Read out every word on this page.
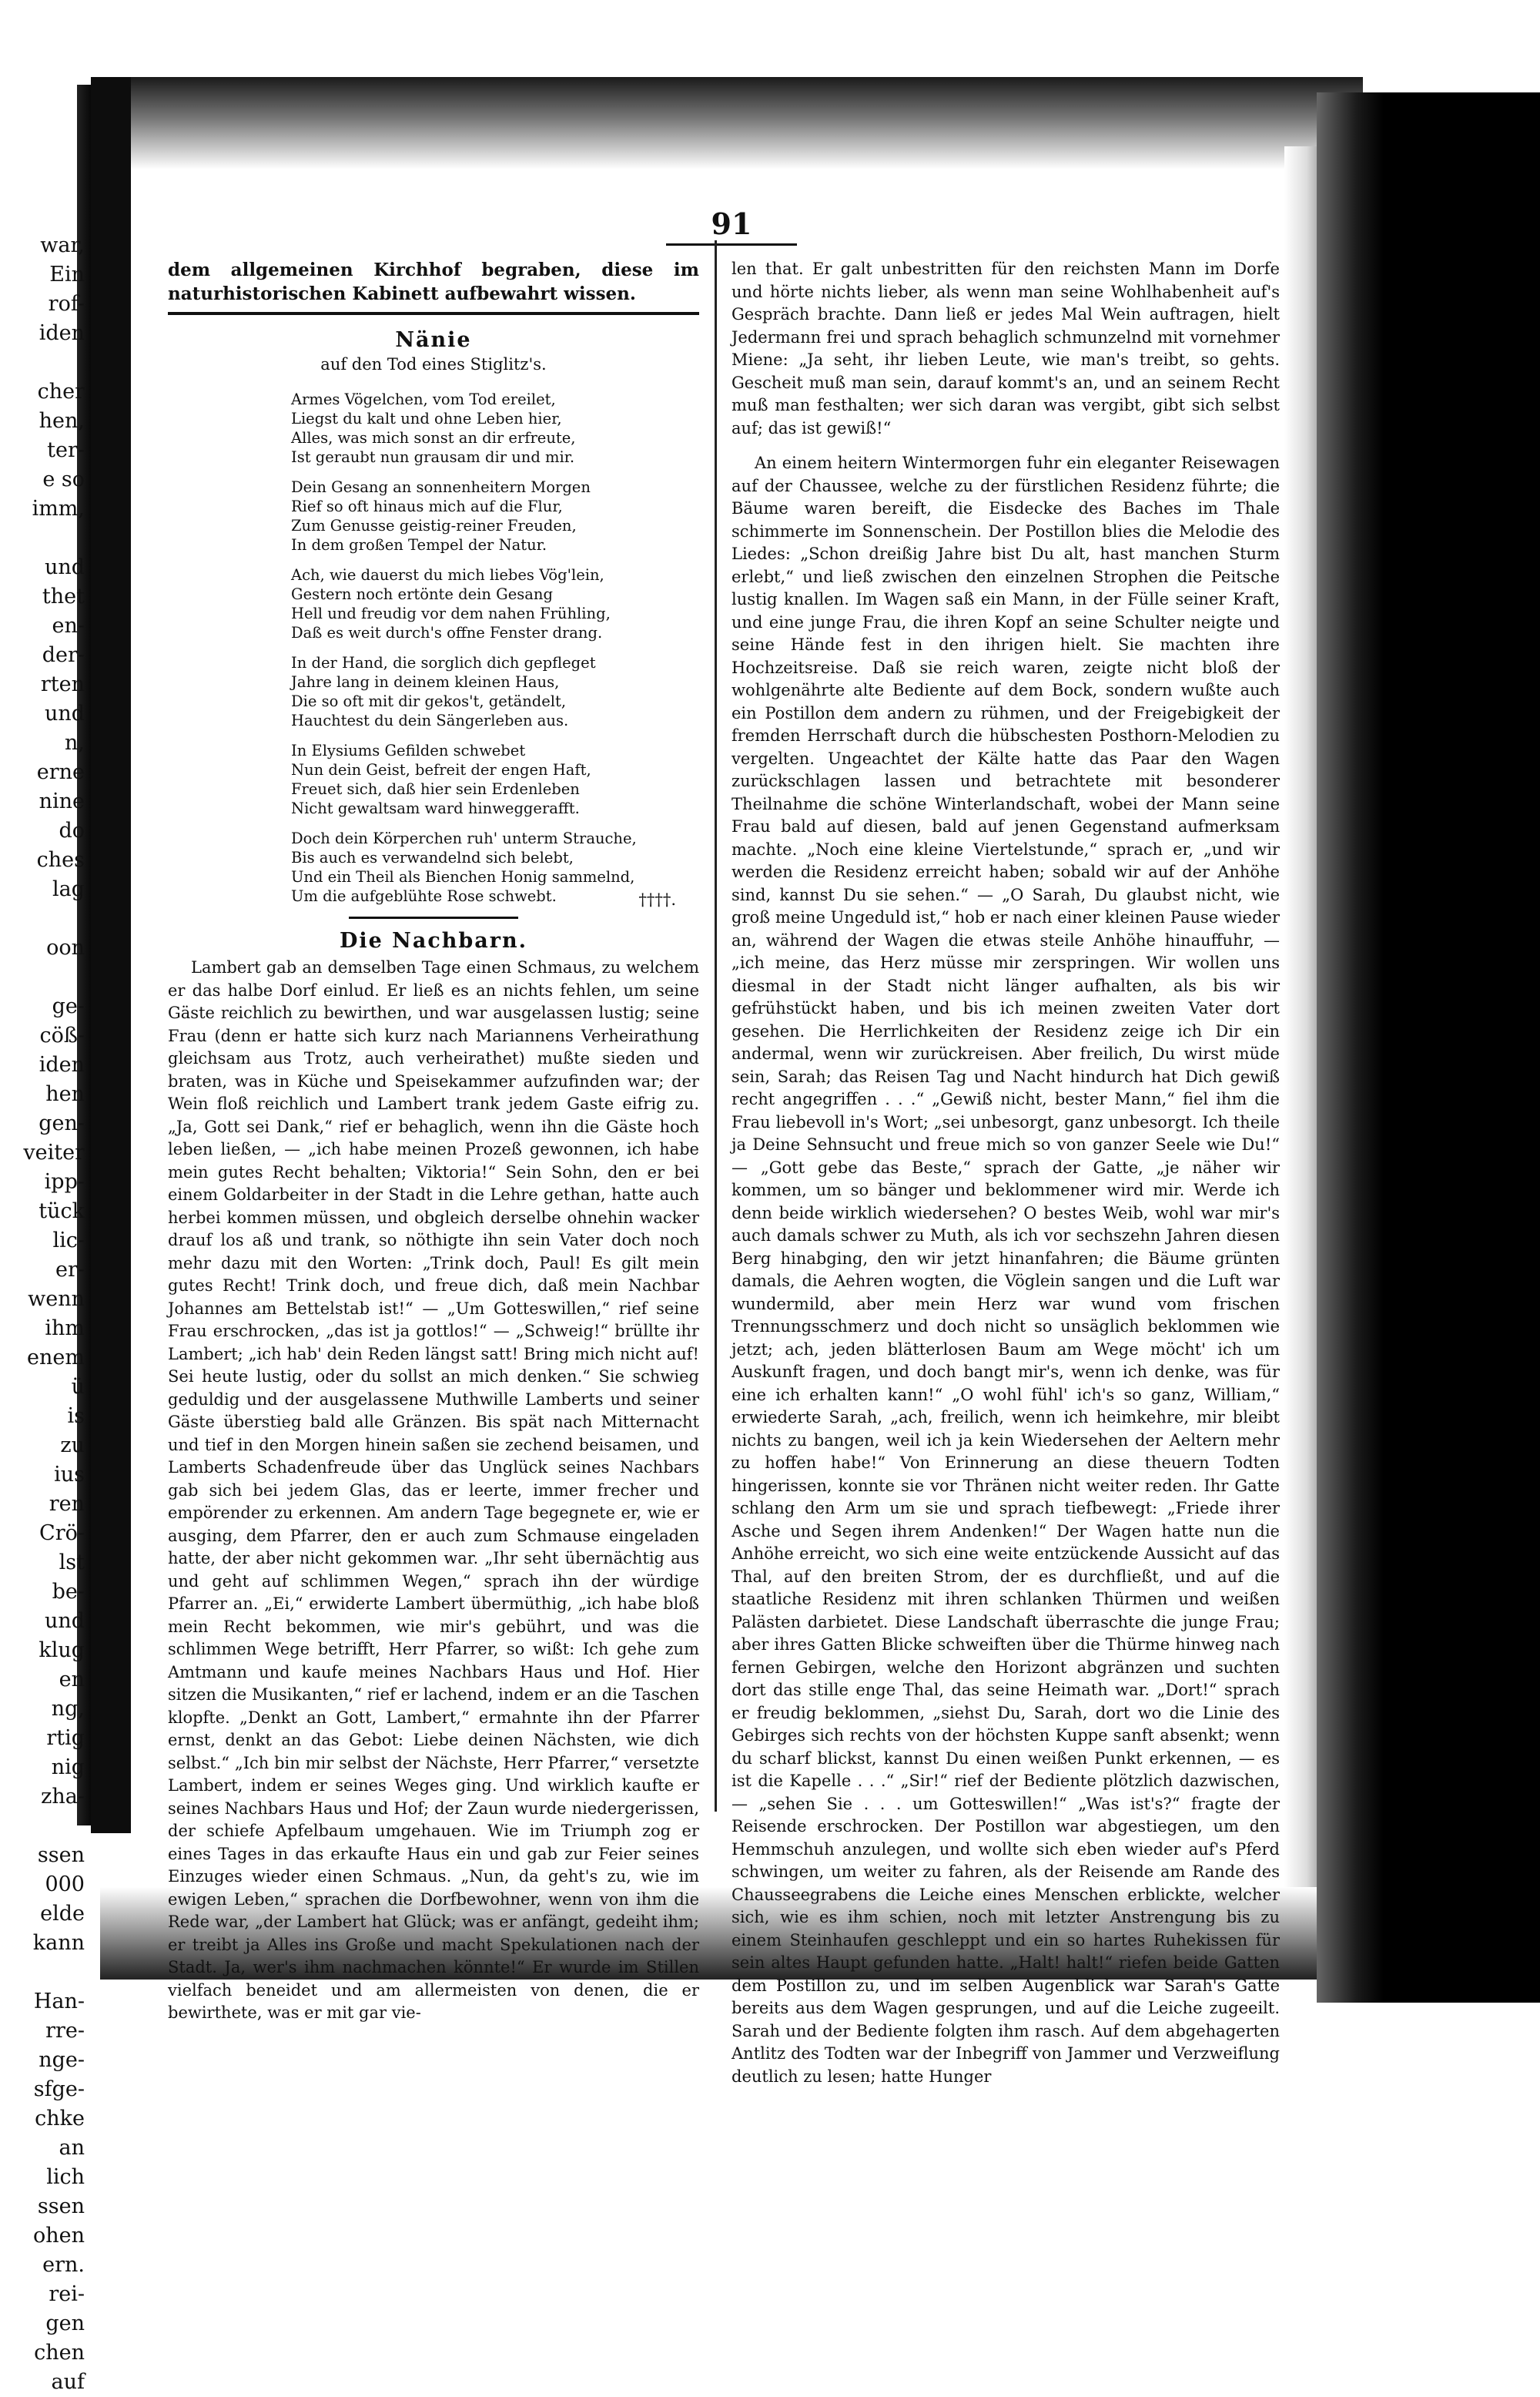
war,
Ein
rof-
iden

cher
hen,
ter-
e so
imm,

und
thet
en-
der-
rten
und
n,
erne
nine
do
ches
lag

oon

ge-
cöß-
iden
hen
gen-
veiter
ipp-
tück
lic-
er-
wenn
ihm
enem
ü
is
zu
ius
ren
Crö-
lst
be-
und
klug
en
ng,
rtig
nig
zha-

ssen
000
elde
kann

Han-
rre-
nge-
sfge-
chke
an
lich
ssen
ohen
ern.
rei-
gen
chen
auf
91

dem allgemeinen Kirchhof begraben, diese im naturhistorischen Kabinett aufbewahrt wissen.

Nänie
auf den Tod eines Stiglitz's.
Armes Vögelchen, vom Tod ereilet,
Liegst du kalt und ohne Leben hier,
Alles, was mich sonst an dir erfreute,
Ist geraubt nun grausam dir und mir.
Dein Gesang an sonnenheitern Morgen
Rief so oft hinaus mich auf die Flur,
Zum Genusse geistig-reiner Freuden,
In dem großen Tempel der Natur.
Ach, wie dauerst du mich liebes Vög'lein,
Gestern noch ertönte dein Gesang
Hell und freudig vor dem nahen Frühling,
Daß es weit durch's offne Fenster drang.
In der Hand, die sorglich dich gepfleget
Jahre lang in deinem kleinen Haus,
Die so oft mit dir gekos't, getändelt,
Hauchtest du dein Sängerleben aus.
In Elysiums Gefilden schwebet
Nun dein Geist, befreit der engen Haft,
Freuet sich, daß hier sein Erdenleben
Nicht gewaltsam ward hinweggerafft.
Doch dein Körperchen ruh' unterm Strauche,
Bis auch es verwandelnd sich belebt,
Und ein Theil als Bienchen Honig sammelnd,
Um die aufgeblühte Rose schwebt.	††††.
Die Nachbarn.

Lambert gab an demselben Tage einen Schmaus, zu welchem er das halbe Dorf einlud. Er ließ es an nichts fehlen, um seine Gäste reichlich zu bewirthen, und war ausgelassen lustig; seine Frau (denn er hatte sich kurz nach Mariannens Verheirathung gleichsam aus Trotz, auch verheirathet) mußte sieden und braten, was in Küche und Speisekammer aufzufinden war; der Wein floß reichlich und Lambert trank jedem Gaste eifrig zu. „Ja, Gott sei Dank,“ rief er behaglich, wenn ihn die Gäste hoch leben ließen, — „ich habe meinen Prozeß gewonnen, ich habe mein gutes Recht behalten; Viktoria!“ Sein Sohn, den er bei einem Goldarbeiter in der Stadt in die Lehre gethan, hatte auch herbei kommen müssen, und obgleich derselbe ohnehin wacker drauf los aß und trank, so nöthigte ihn sein Vater doch noch mehr dazu mit den Worten: „Trink doch, Paul! Es gilt mein gutes Recht! Trink doch, und freue dich, daß mein Nachbar Johannes am Bettelstab ist!“ — „Um Gotteswillen,“ rief seine Frau erschrocken, „das ist ja gottlos!“ — „Schweig!“ brüllte ihr Lambert; „ich hab' dein Reden längst satt! Bring mich nicht auf! Sei heute lustig, oder du sollst an mich denken.“ Sie schwieg geduldig und der ausgelassene Muthwille Lamberts und seiner Gäste überstieg bald alle Gränzen. Bis spät nach Mitternacht und tief in den Morgen hinein saßen sie zechend beisamen, und Lamberts Schadenfreude über das Unglück seines Nachbars gab sich bei jedem Glas, das er leerte, immer frecher und empörender zu erkennen. Am andern Tage begegnete er, wie er ausging, dem Pfarrer, den er auch zum Schmause eingeladen hatte, der aber nicht gekommen war. „Ihr seht übernächtig aus und geht auf schlimmen Wegen,“ sprach ihn der würdige Pfarrer an. „Ei,“ erwiderte Lambert übermüthig, „ich habe bloß mein Recht bekommen, wie mir's gebührt, und was die schlimmen Wege betrifft, Herr Pfarrer, so wißt: Ich gehe zum Amtmann und kaufe meines Nachbars Haus und Hof. Hier sitzen die Musikanten,“ rief er lachend, indem er an die Taschen klopfte. „Denkt an Gott, Lambert,“ ermahnte ihn der Pfarrer ernst, denkt an das Gebot: Liebe deinen Nächsten, wie dich selbst.“ „Ich bin mir selbst der Nächste, Herr Pfarrer,“ versetzte Lambert, indem er seines Weges ging. Und wirklich kaufte er seines Nachbars Haus und Hof; der Zaun wurde niedergerissen, der schiefe Apfelbaum umgehauen. Wie im Triumph zog er eines Tages in das erkaufte Haus ein und gab zur Feier seines Einzuges wieder einen Schmaus. „Nun, da geht's zu, wie im ewigen Leben,“ sprachen die Dorfbewohner, wenn von ihm die Rede war, „der Lambert hat Glück; was er anfängt, gedeiht ihm; er treibt ja Alles ins Große und macht Spekulationen nach der Stadt. Ja, wer's ihm nachmachen könnte!“ Er wurde im Stillen vielfach beneidet und am allermeisten von denen, die er bewirthete, was er mit gar vie-

len that. Er galt unbestritten für den reichsten Mann im Dorfe und hörte nichts lieber, als wenn man seine Wohlhabenheit auf's Gespräch brachte. Dann ließ er jedes Mal Wein auftragen, hielt Jedermann frei und sprach behaglich schmunzelnd mit vornehmer Miene: „Ja seht, ihr lieben Leute, wie man's treibt, so gehts. Gescheit muß man sein, darauf kommt's an, und an seinem Recht muß man festhalten; wer sich daran was vergibt, gibt sich selbst auf; das ist gewiß!“

An einem heitern Wintermorgen fuhr ein eleganter Reisewagen auf der Chaussee, welche zu der fürstlichen Residenz führte; die Bäume waren bereift, die Eisdecke des Baches im Thale schimmerte im Sonnenschein. Der Postillon blies die Melodie des Liedes: „Schon dreißig Jahre bist Du alt, hast manchen Sturm erlebt,“ und ließ zwischen den einzelnen Strophen die Peitsche lustig knallen. Im Wagen saß ein Mann, in der Fülle seiner Kraft, und eine junge Frau, die ihren Kopf an seine Schulter neigte und seine Hände fest in den ihrigen hielt. Sie machten ihre Hochzeitsreise. Daß sie reich waren, zeigte nicht bloß der wohlgenährte alte Bediente auf dem Bock, sondern wußte auch ein Postillon dem andern zu rühmen, und der Freigebigkeit der fremden Herrschaft durch die hübschesten Posthorn-Melodien zu vergelten. Ungeachtet der Kälte hatte das Paar den Wagen zurückschlagen lassen und betrachtete mit besonderer Theilnahme die schöne Winterlandschaft, wobei der Mann seine Frau bald auf diesen, bald auf jenen Gegenstand aufmerksam machte. „Noch eine kleine Viertelstunde,“ sprach er, „und wir werden die Residenz erreicht haben; sobald wir auf der Anhöhe sind, kannst Du sie sehen.“ — „O Sarah, Du glaubst nicht, wie groß meine Ungeduld ist,“ hob er nach einer kleinen Pause wieder an, während der Wagen die etwas steile Anhöhe hinauffuhr, — „ich meine, das Herz müsse mir zerspringen. Wir wollen uns diesmal in der Stadt nicht länger aufhalten, als bis wir gefrühstückt haben, und bis ich meinen zweiten Vater dort gesehen. Die Herrlichkeiten der Residenz zeige ich Dir ein andermal, wenn wir zurückreisen. Aber freilich, Du wirst müde sein, Sarah; das Reisen Tag und Nacht hindurch hat Dich gewiß recht angegriffen . . .“ „Gewiß nicht, bester Mann,“ fiel ihm die Frau liebevoll in's Wort; „sei unbesorgt, ganz unbesorgt. Ich theile ja Deine Sehnsucht und freue mich so von ganzer Seele wie Du!“ — „Gott gebe das Beste,“ sprach der Gatte, „je näher wir kommen, um so bänger und beklommener wird mir. Werde ich denn beide wirklich wiedersehen? O bestes Weib, wohl war mir's auch damals schwer zu Muth, als ich vor sechszehn Jahren diesen Berg hinabging, den wir jetzt hinanfahren; die Bäume grünten damals, die Aehren wogten, die Vöglein sangen und die Luft war wundermild, aber mein Herz war wund vom frischen Trennungsschmerz und doch nicht so unsäglich beklommen wie jetzt; ach, jeden blätterlosen Baum am Wege möcht' ich um Auskunft fragen, und doch bangt mir's, wenn ich denke, was für eine ich erhalten kann!“ „O wohl fühl' ich's so ganz, William,“ erwiederte Sarah, „ach, freilich, wenn ich heimkehre, mir bleibt nichts zu bangen, weil ich ja kein Wiedersehen der Aeltern mehr zu hoffen habe!“ Von Erinnerung an diese theuern Todten hingerissen, konnte sie vor Thränen nicht weiter reden. Ihr Gatte schlang den Arm um sie und sprach tiefbewegt: „Friede ihrer Asche und Segen ihrem Andenken!“ Der Wagen hatte nun die Anhöhe erreicht, wo sich eine weite entzückende Aussicht auf das Thal, auf den breiten Strom, der es durchfließt, und auf die staatliche Residenz mit ihren schlanken Thürmen und weißen Palästen darbietet. Diese Landschaft überraschte die junge Frau; aber ihres Gatten Blicke schweiften über die Thürme hinweg nach fernen Gebirgen, welche den Horizont abgränzen und suchten dort das stille enge Thal, das seine Heimath war. „Dort!“ sprach er freudig beklommen, „siehst Du, Sarah, dort wo die Linie des Gebirges sich rechts von der höchsten Kuppe sanft absenkt; wenn du scharf blickst, kannst Du einen weißen Punkt erkennen, — es ist die Kapelle . . .“ „Sir!“ rief der Bediente plötzlich dazwischen, — „sehen Sie . . . um Gotteswillen!“ „Was ist's?“ fragte der Reisende erschrocken. Der Postillon war abgestiegen, um den Hemmschuh anzulegen, und wollte sich eben wieder auf's Pferd schwingen, um weiter zu fahren, als der Reisende am Rande des Chausseegrabens die Leiche eines Menschen erblickte, welcher sich, wie es ihm schien, noch mit letzter Anstrengung bis zu einem Steinhaufen geschleppt und ein so hartes Ruhekissen für sein altes Haupt gefunden hatte. „Halt! halt!“ riefen beide Gatten dem Postillon zu, und im selben Augenblick war Sarah's Gatte bereits aus dem Wagen gesprungen, und auf die Leiche zugeeilt. Sarah und der Bediente folgten ihm rasch. Auf dem abgehagerten Antlitz des Todten war der Inbegriff von Jammer und Verzweiflung deutlich zu lesen; hatte Hunger
